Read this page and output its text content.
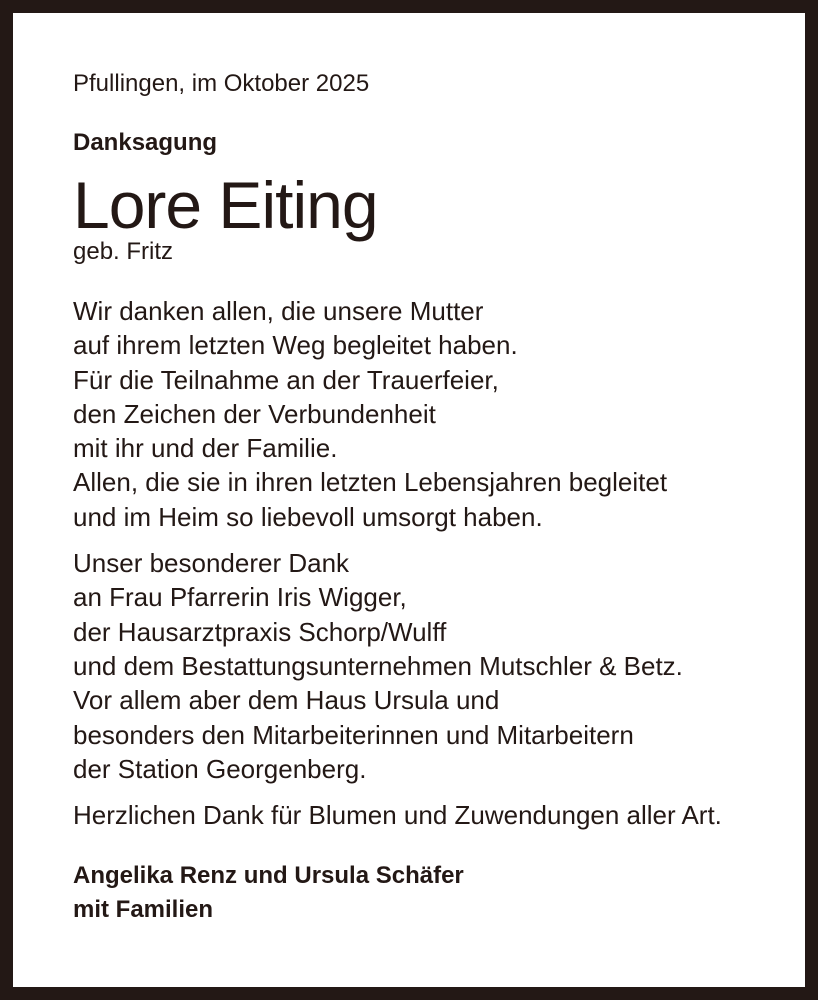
Pfullingen, im Oktober 2025
Danksagung
Lore Eiting
geb. Fritz
Wir danken allen, die unsere Mutter
auf ihrem letzten Weg begleitet haben.
Für die Teilnahme an der Trauerfeier,
den Zeichen der Verbundenheit
mit ihr und der Familie.
Allen, die sie in ihren letzten Lebensjahren begleitet
und im Heim so liebevoll umsorgt haben.
Unser besonderer Dank
an Frau Pfarrerin Iris Wigger,
der Hausarztpraxis Schorp/Wulff
und dem Bestattungsunternehmen Mutschler & Betz.
Vor allem aber dem Haus Ursula und
besonders den Mitarbeiterinnen und Mitarbeitern
der Station Georgenberg.
Herzlichen Dank für Blumen und Zuwendungen aller Art.
Angelika Renz und Ursula Schäfer
mit Familien
